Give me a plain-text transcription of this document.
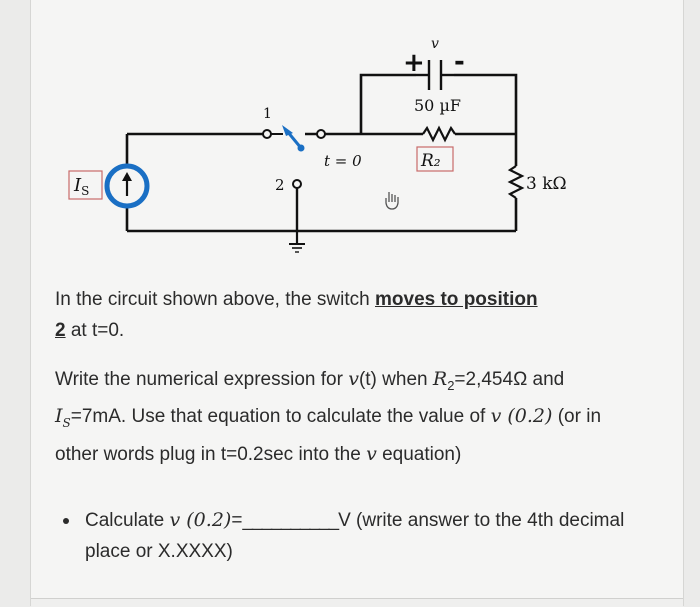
+ -
v
50 µF
R₂
3 kΩ
$I_S$
1
t = 0
2
In the circuit shown above, the switch moves to position
2 at t=0.
Write the numerical expression for v(t) when $R_2=2,454\Omega$ and $I_S=7mA$. Use that equation to calculate the value of v (0.2) (or in other words plug in t=0.2sec into the v equation)
Calculate v (0.2)=__________V (write answer to the 4th decimal place or X.XXXX)
